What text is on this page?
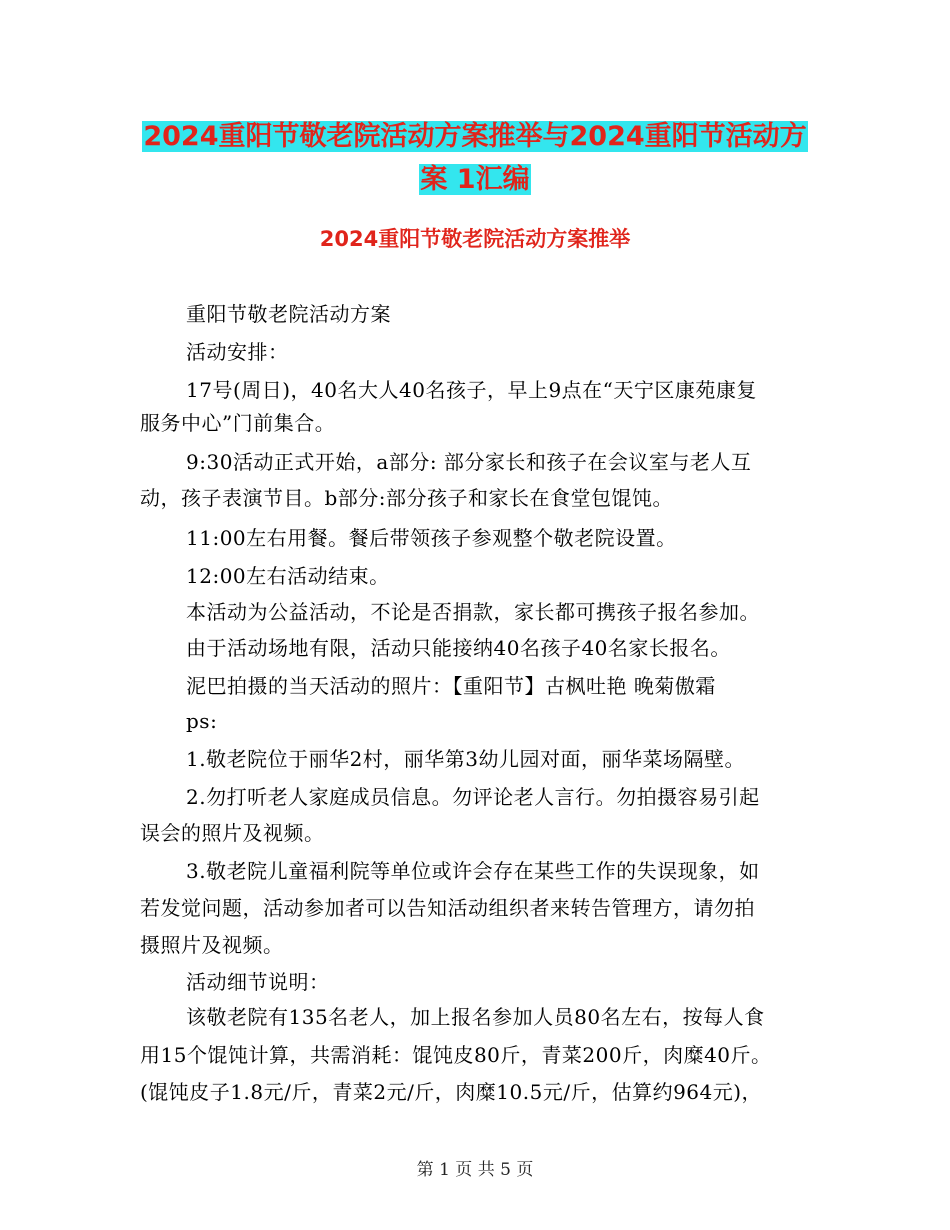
2024重阳节敬老院活动方案推举与2024重阳节活动方
案 1汇编
2024重阳节敬老院活动方案推举
重阳节敬老院活动方案
活动安排：
17号(周日)，40名大人40名孩子，早上9点在“天宁区康苑康复
服务中心”门前集合。
9:30活动正式开始，a部分: 部分家长和孩子在会议室与老人互
动，孩子表演节目。b部分:部分孩子和家长在食堂包馄饨。
11:00左右用餐。餐后带领孩子参观整个敬老院设置。
12:00左右活动结束。
本活动为公益活动，不论是否捐款，家长都可携孩子报名参加。
由于活动场地有限，活动只能接纳40名孩子40名家长报名。
泥巴拍摄的当天活动的照片：【重阳节】古枫吐艳 晚菊傲霜
ps:
1.敬老院位于丽华2村，丽华第3幼儿园对面，丽华菜场隔壁。
2.勿打听老人家庭成员信息。勿评论老人言行。勿拍摄容易引起
误会的照片及视频。
3.敬老院儿童福利院等单位或许会存在某些工作的失误现象，如
若发觉问题，活动参加者可以告知活动组织者来转告管理方，请勿拍
摄照片及视频。
活动细节说明：
该敬老院有135名老人，加上报名参加人员80名左右，按每人食
用15个馄饨计算，共需消耗：馄饨皮80斤，青菜200斤，肉糜40斤。
(馄饨皮子1.8元/斤，青菜2元/斤，肉糜10.5元/斤，估算约964元)，
第 1 页 共 5 页
